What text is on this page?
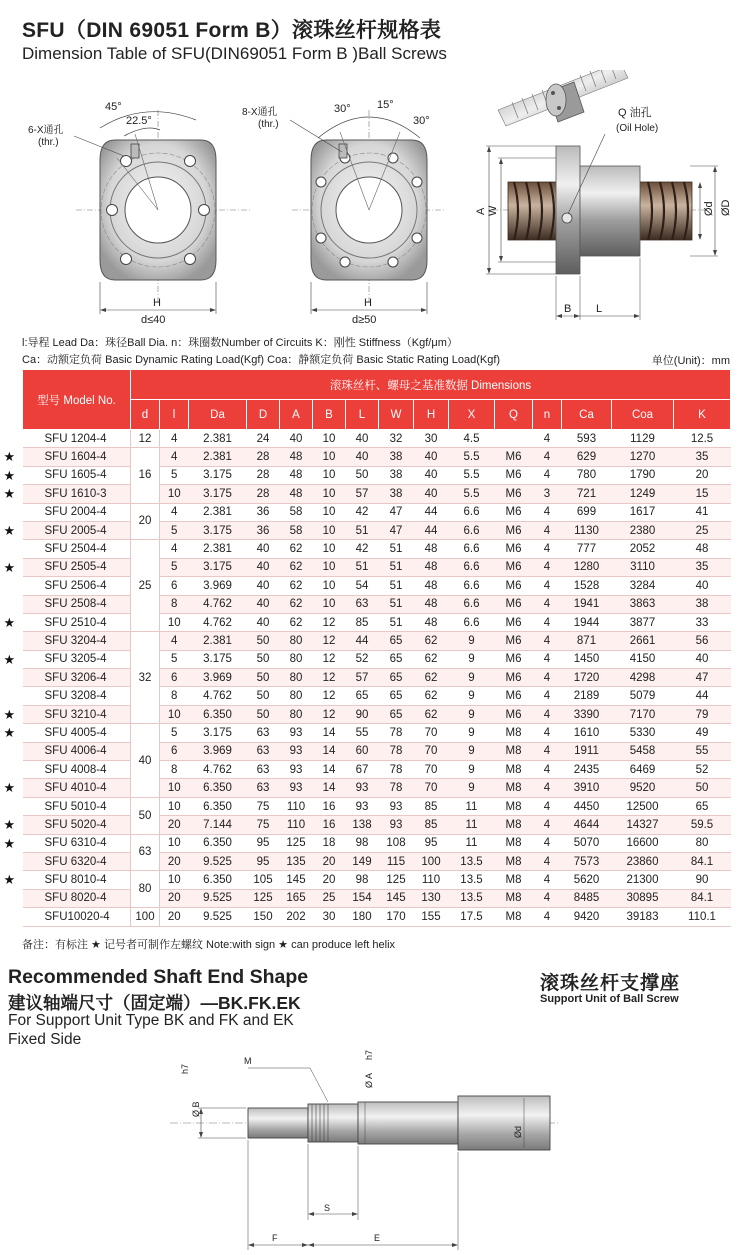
SFU（DIN 69051 Form B）滚珠丝杆规格表
Dimension Table of SFU(DIN69051 Form B )Ball Screws
45°
22.5°
6-X通孔
(thr.)
H
d≤40
30° 15°
30°
8-X通孔
(thr.)
H
d≥50
Q 油孔
(Oil Hole)
A W	ØD
Ød
B L
l:导程 Lead Da：珠径Ball Dia. n：珠圈数Number of Circuits K：刚性 Stiffness（Kgf/μm）
Ca：动额定负荷 Basic Dynamic Rating Load(Kgf) Coa：静额定负荷 Basic Static Rating Load(Kgf)	单位(Unit)：mm
型号 Model No.	滚珠丝杆、螺母之基准数据 Dimensions														
	d	l	Da	D	A	B	L	W	H	X	Q	n	Ca	Coa	K
SFU 1204-4	12	4	2.381	24	40	10	40	32	30	4.5		4	593	1129	12.5

★ SFU 1604-4	16	4	2.381	28	48	10	40	38	40	5.5	M6	4	629	1270	35

★ SFU 1605-4		5	3.175	28	48	10	50	38	40	5.5	M6	4	780	1790	20

★ SFU 1610-3		10	3.175	28	48	10	57	38	40	5.5	M6	3	721	1249	15
SFU 2004-4	20	4	2.381	36	58	10	42	47	44	6.6	M6	4	699	1617	41

★ SFU 2005-4		5	3.175	36	58	10	51	47	44	6.6	M6	4	1130	2380	25
SFU 2504-4	25	4	2.381	40	62	10	42	51	48	6.6	M6	4	777	2052	48

★ SFU 2505-4		5	3.175	40	62	10	51	51	48	6.6	M6	4	1280	3110	35
SFU 2506-4		6	3.969	40	62	10	54	51	48	6.6	M6	4	1528	3284	40
SFU 2508-4		8	4.762	40	62	10	63	51	48	6.6	M6	4	1941	3863	38

★ SFU 2510-4		10	4.762	40	62	12	85	51	48	6.6	M6	4	1944	3877	33
SFU 3204-4	32	4	2.381	50	80	12	44	65	62	9	M6	4	871	2661	56

★ SFU 3205-4		5	3.175	50	80	12	52	65	62	9	M6	4	1450	4150	40
SFU 3206-4		6	3.969	50	80	12	57	65	62	9	M6	4	1720	4298	47
SFU 3208-4		8	4.762	50	80	12	65	65	62	9	M6	4	2189	5079	44

★ SFU 3210-4		10	6.350	50	80	12	90	65	62	9	M6	4	3390	7170	79

★ SFU 4005-4	40	5	3.175	63	93	14	55	78	70	9	M8	4	1610	5330	49
SFU 4006-4		6	3.969	63	93	14	60	78	70	9	M8	4	1911	5458	55
SFU 4008-4		8	4.762	63	93	14	67	78	70	9	M8	4	2435	6469	52

★ SFU 4010-4		10	6.350	63	93	14	93	78	70	9	M8	4	3910	9520	50
SFU 5010-4	50	10	6.350	75	110	16	93	93	85	11	M8	4	4450	12500	65

★ SFU 5020-4		20	7.144	75	110	16	138	93	85	11	M8	4	4644	14327	59.5

★ SFU 6310-4	63	10	6.350	95	125	18	98	108	95	11	M8	4	5070	16600	80
SFU 6320-4		20	9.525	95	135	20	149	115	100	13.5	M8	4	7573	23860	84.1

★ SFU 8010-4	80	10	6.350	105	145	20	98	125	110	13.5	M8	4	5620	21300	90
SFU 8020-4		20	9.525	125	165	25	154	145	130	13.5	M8	4	8485	30895	84.1
SFU10020-4	100	20	9.525	150	202	30	180	170	155	17.5	M8	4	9420	39183	110.1
备注：有标注 ★ 记号者可制作左螺纹 Note:with sign ★ can produce left helix
Recommended Shaft End Shape
建议轴端尺寸（固定端）—BK.FK.EK
For Support Unit Type BK and FK and EK
Fixed Side
滚珠丝杆支撑座
Support Unit of Ball Screw
M
Ø B
h7
Ø A
h7
Ød
S
F	E
